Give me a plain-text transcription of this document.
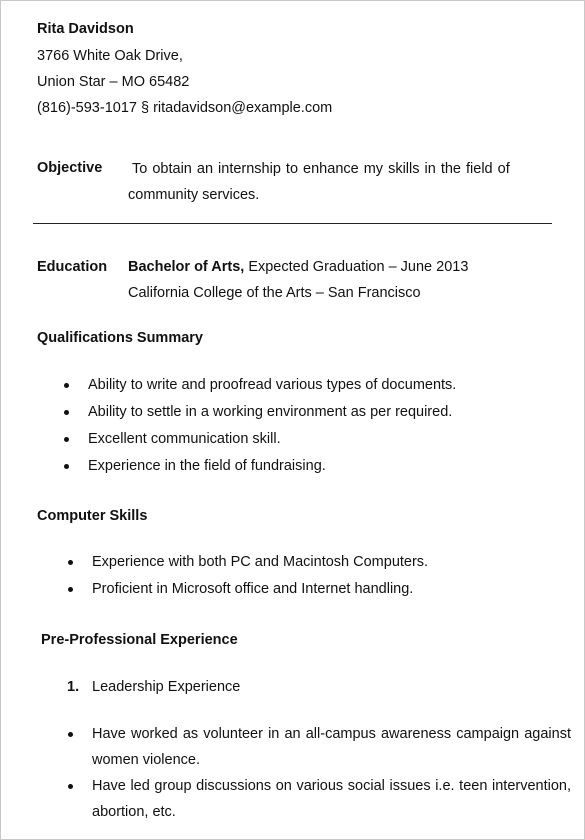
Rita Davidson
3766 White Oak Drive,
Union Star – MO 65482
(816)-593-1017 § ritadavidson@example.com
Objective To obtain an internship to enhance my skills in the field of
community services.
Education Bachelor of Arts, Expected Graduation – June 2013
California College of the Arts – San Francisco
Qualifications Summary
Ability to write and proofread various types of documents.
Ability to settle in a working environment as per required.
Excellent communication skill.
Experience in the field of fundraising.
Computer Skills
Experience with both PC and Macintosh Computers.
Proficient in Microsoft office and Internet handling.
Pre-Professional Experience
1. Leadership Experience
Have worked as volunteer in an all-campus awareness campaign against women violence.
Have led group discussions on various social issues i.e. teen intervention, abortion, etc.
